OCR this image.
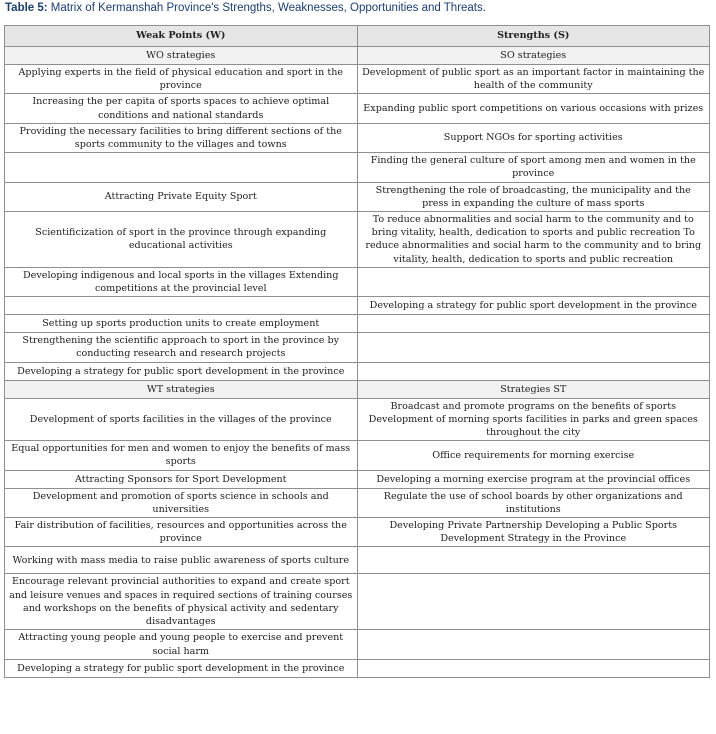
Table 5: Matrix of Kermanshah Province's Strengths, Weaknesses, Opportunities and Threats.
Weak Points (W)	Strengths (S)
WO strategies	SO strategies
Applying experts in the field of physical education and sport in the province	Development of public sport as an important factor in maintaining the health of the community
Increasing the per capita of sports spaces to achieve optimal conditions and national standards	Expanding public sport competitions on various occasions with prizes
Providing the necessary facilities to bring different sections of the sports community to the villages and towns	Support NGOs for sporting activities
	Finding the general culture of sport among men and women in the province
Attracting Private Equity Sport	Strengthening the role of broadcasting, the municipality and the press in expanding the culture of mass sports
Scientificization of sport in the province through expanding educational activities	To reduce abnormalities and social harm to the community and to bring vitality, health, dedication to sports and public recreation To reduce abnormalities and social harm to the community and to bring vitality, health, dedication to sports and public recreation
Developing indigenous and local sports in the villages Extending competitions at the provincial level	
	Developing a strategy for public sport development in the province
Setting up sports production units to create employment	
Strengthening the scientific approach to sport in the province by conducting research and research projects	
Developing a strategy for public sport development in the province	
WT strategies	Strategies ST
Development of sports facilities in the villages of the province	Broadcast and promote programs on the benefits of sports Development of morning sports facilities in parks and green spaces throughout the city
Equal opportunities for men and women to enjoy the benefits of mass sports	Office requirements for morning exercise
Attracting Sponsors for Sport Development	Developing a morning exercise program at the provincial offices
Development and promotion of sports science in schools and universities	Regulate the use of school boards by other organizations and institutions
Fair distribution of facilities, resources and opportunities across the province	Developing Private Partnership Developing a Public Sports Development Strategy in the Province
Working with mass media to raise public awareness of sports culture	
Encourage relevant provincial authorities to expand and create sport and leisure venues and spaces in required sections of training courses and workshops on the benefits of physical activity and sedentary disadvantages	
Attracting young people and young people to exercise and prevent social harm	
Developing a strategy for public sport development in the province	
